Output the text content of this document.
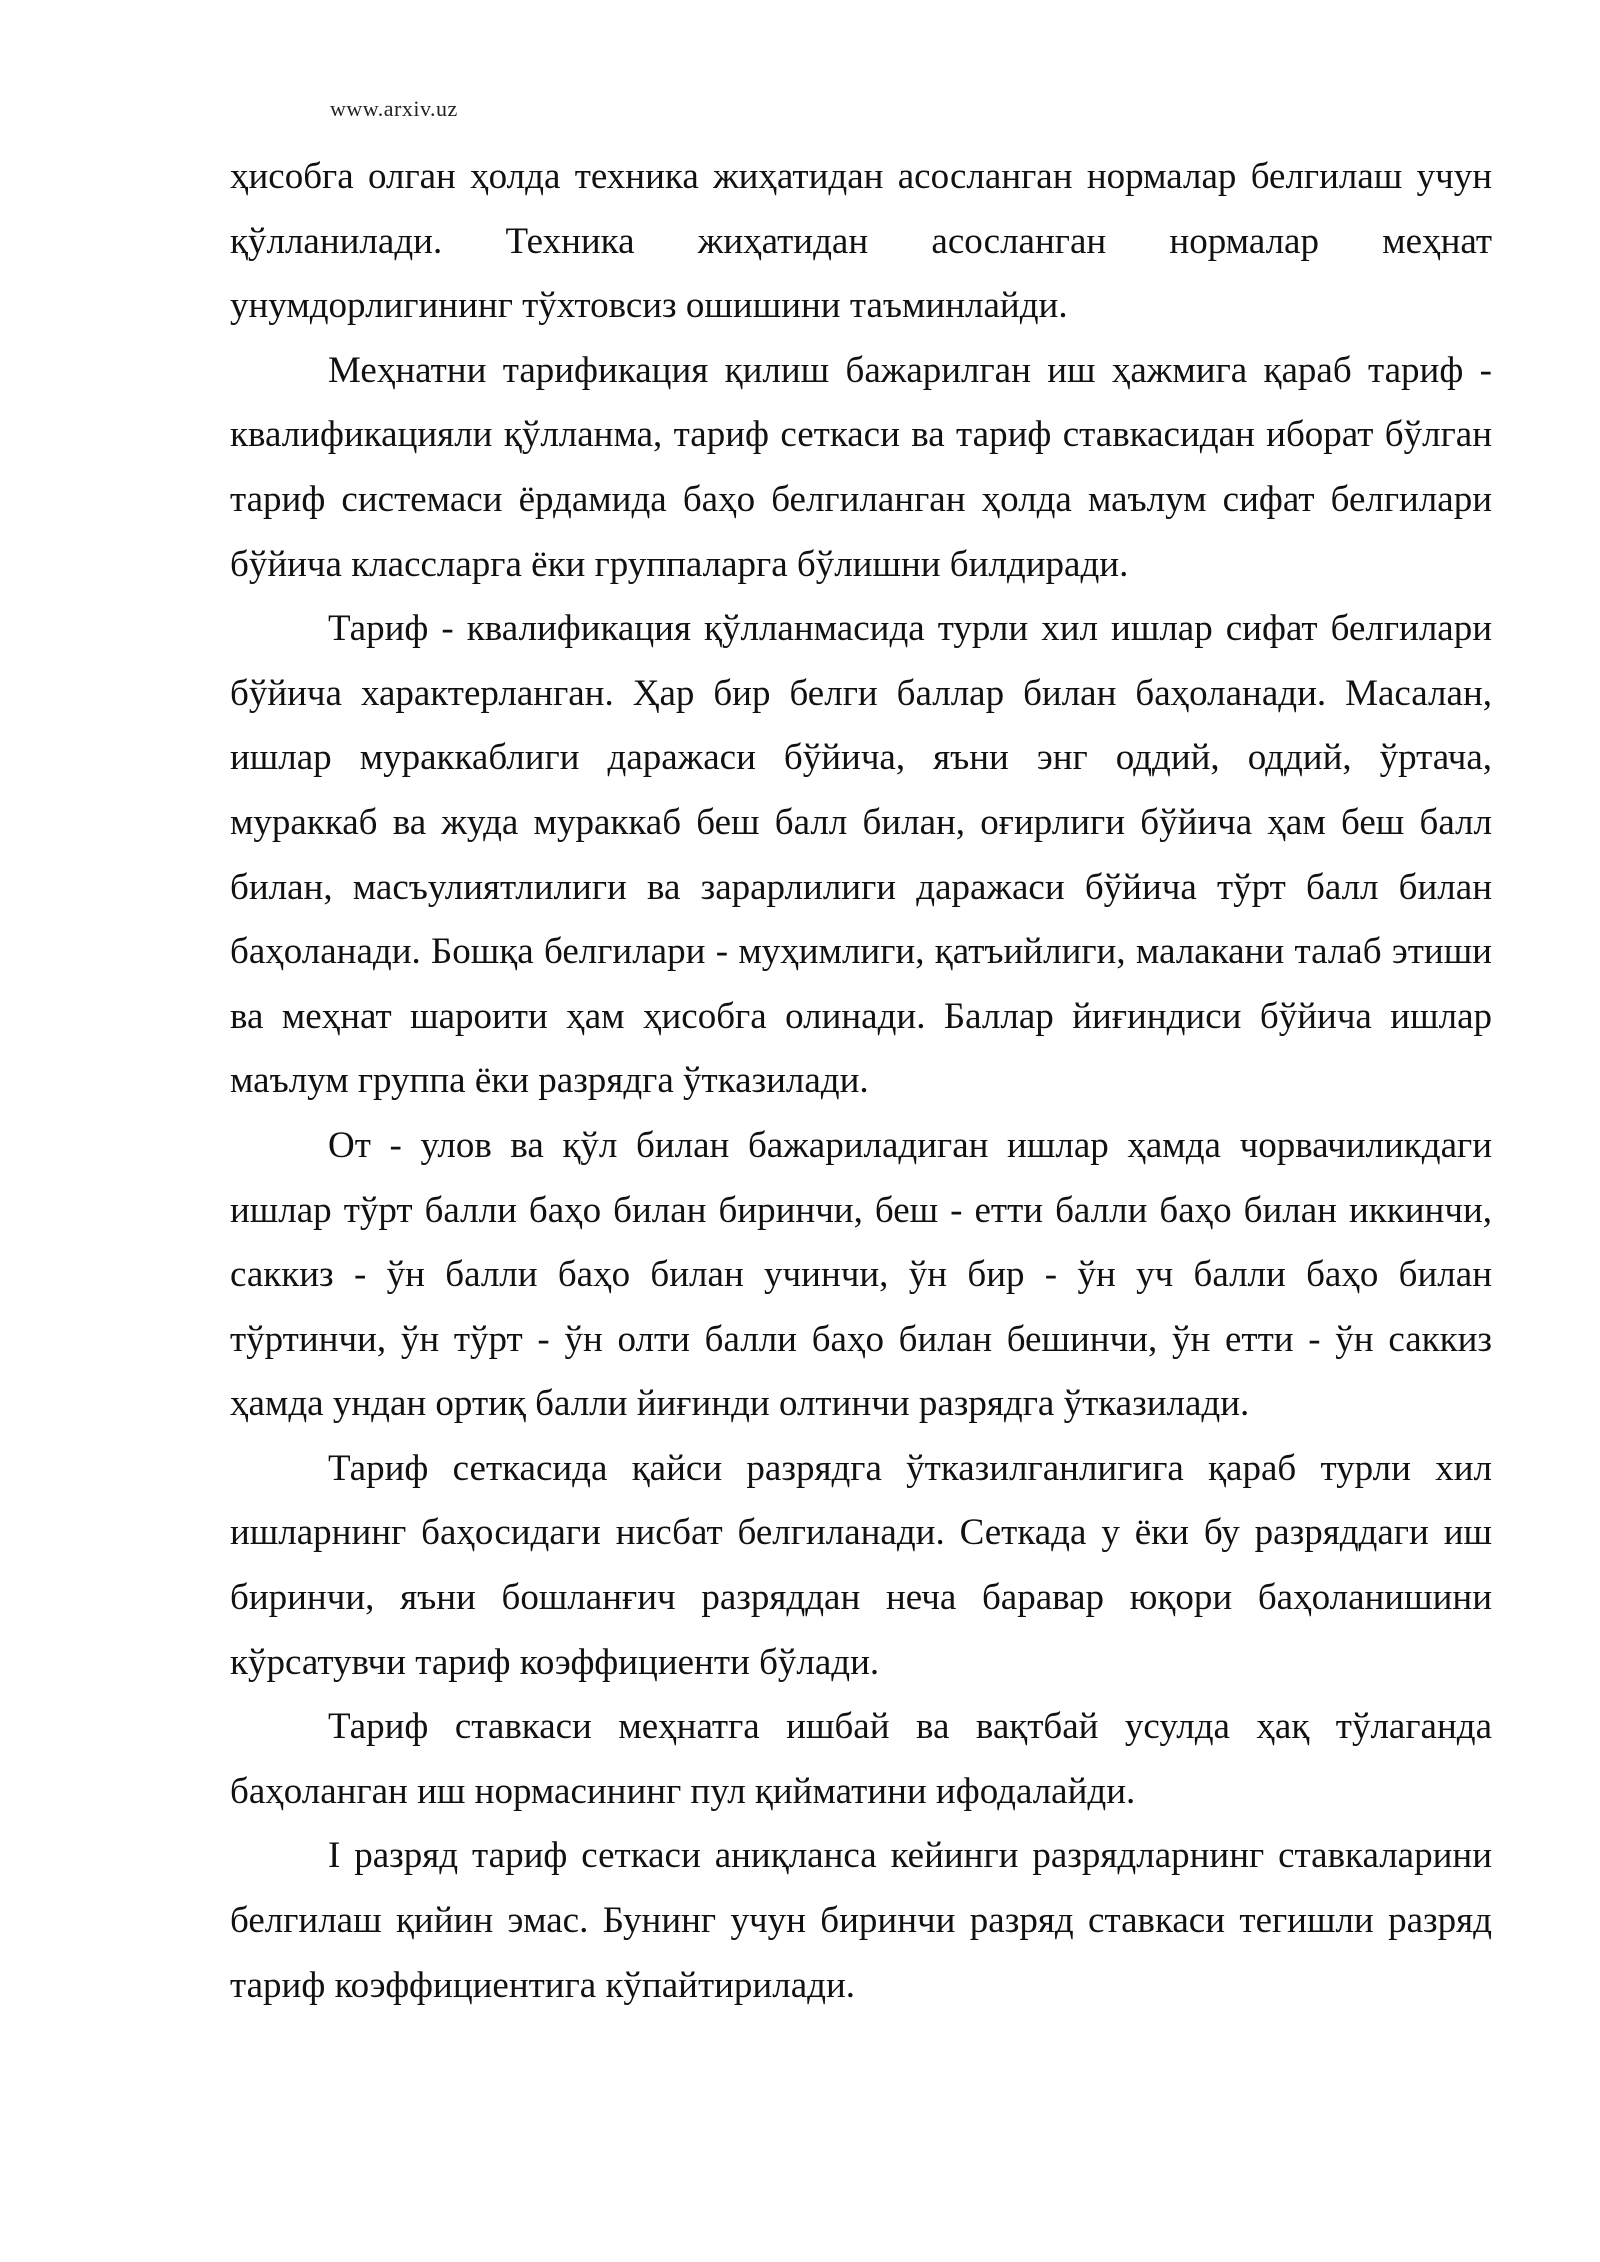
www.arxiv.uz

ҳисобга олган ҳолда техника жиҳатидан асосланган нормалар белгилаш учун қўлланилади. Техника жиҳатидан асосланган нормалар меҳнат унумдорлигининг тўхтовсиз ошишини таъминлайди.

Меҳнатни тарификация қилиш бажарилган иш ҳажмига қараб тариф - квалификацияли қўлланма, тариф сеткаси ва тариф ставкасидан иборат бўлган тариф системаси ёрдамида баҳо белгиланган ҳолда маълум сифат белгилари бўйича классларга ёки группаларга бўлишни билдиради.

Тариф - квалификация қўлланмасида турли хил ишлар сифат белгилари бўйича характерланган. Ҳар бир белги баллар билан баҳоланади. Масалан, ишлар мураккаблиги даражаси бўйича, яъни энг оддий, оддий, ўртача, мураккаб ва жуда мураккаб беш балл билан, оғирлиги бўйича ҳам беш балл билан, масъулиятлилиги ва зарарлилиги даражаси бўйича тўрт балл билан баҳоланади. Бошқа белгилари - муҳимлиги, қатъийлиги, малакани талаб этиши ва меҳнат шароити ҳам ҳисобга олинади. Баллар йиғиндиси бўйича ишлар маълум группа ёки разрядга ўтказилади.

От - улов ва қўл билан бажариладиган ишлар ҳамда чорвачиликдаги ишлар тўрт балли баҳо билан биринчи, беш - етти балли баҳо билан иккинчи, саккиз - ўн балли баҳо билан учинчи, ўн бир - ўн уч балли баҳо билан тўртинчи, ўн тўрт - ўн олти балли баҳо билан бешинчи, ўн етти - ўн саккиз ҳамда ундан ортиқ балли йиғинди олтинчи разрядга ўтказилади.

Тариф сеткасида қайси разрядга ўтказилганлигига қараб турли хил ишларнинг баҳосидаги нисбат белгиланади. Сеткада у ёки бу разряддаги иш биринчи, яъни бошланғич разряддан неча баравар юқори баҳоланишини кўрсатувчи тариф коэффициенти бўлади.

Тариф ставкаси меҳнатга ишбай ва вақтбай усулда ҳақ тўлаганда баҳоланган иш нормасининг пул қийматини ифодалайди.

I разряд тариф сеткаси аниқланса кейинги разрядларнинг ставкаларини белгилаш қийин эмас. Бунинг учун биринчи разряд ставкаси тегишли разряд тариф коэффициентига кўпайтирилади.
